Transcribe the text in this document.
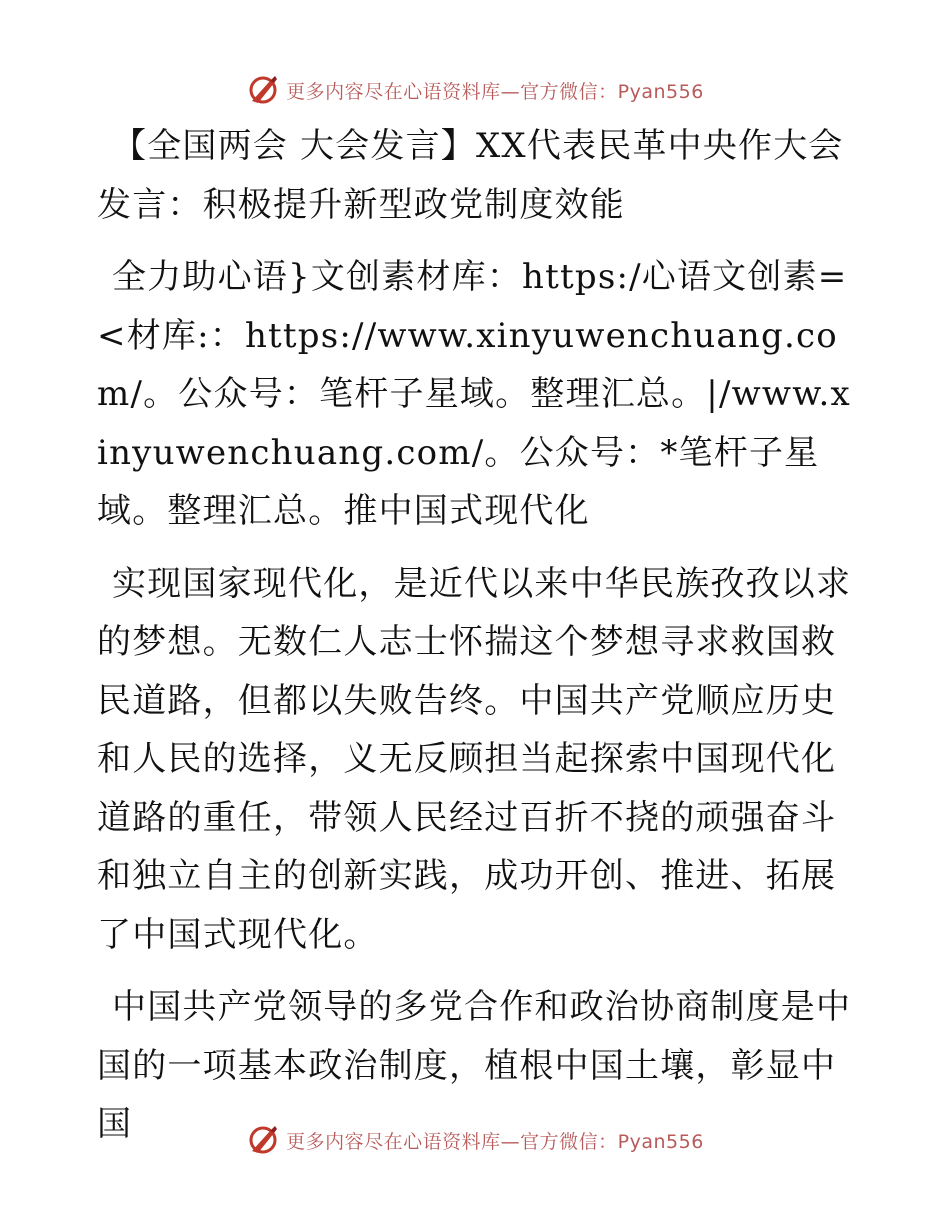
更多内容尽在心语资料库—官方微信：Pyan556

【全国两会 大会发言】XX代表民革中央作大会发言：积极提升新型政党制度效能

全力助心语}文创素材库：https:/心语文创素=<材库:：https://www.xinyuwenchuang.com/。公众号：笔杆子星域。整理汇总。|/www.xinyuwenchuang.com/。公众号：*笔杆子星域。整理汇总。推中国式现代化

实现国家现代化，是近代以来中华民族孜孜以求的梦想。无数仁人志士怀揣这个梦想寻求救国救民道路，但都以失败告终。中国共产党顺应历史和人民的选择，义无反顾担当起探索中国现代化道路的重任，带领人民经过百折不挠的顽强奋斗和独立自主的创新实践，成功开创、推进、拓展了中国式现代化。

中国共产党领导的多党合作和政治协商制度是中国的一项基本政治制度，植根中国土壤，彰显中国	更多内容尽在心语资料库—官方微信：Pyan556
